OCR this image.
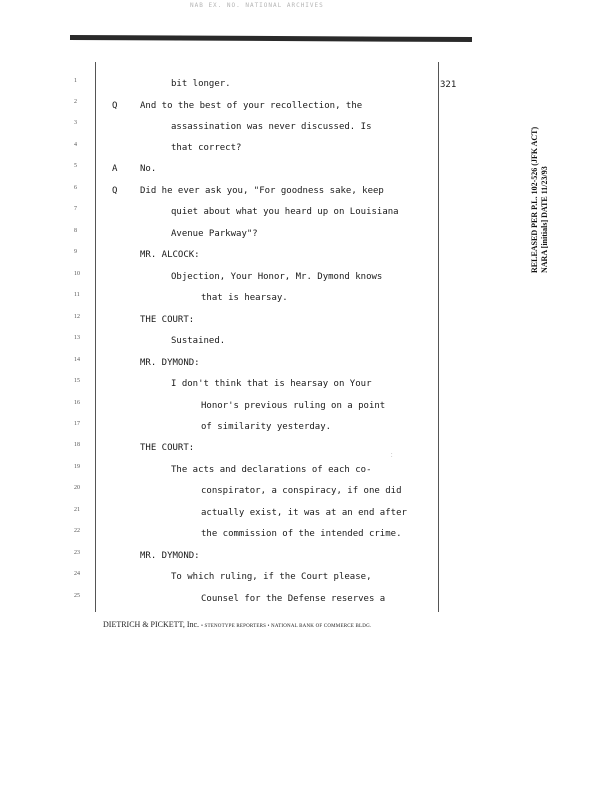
NAB EX. NO. NATIONAL ARCHIVES
321
RELEASED PER P.L. 102-526 (JFK ACT) NARA [initials] DATE 11/23/93
1
2
3
4
5
6
7
8
9
10
11
12
13
14
15
16
17
18
19
20
21
22
23
24
25
Q
A
Q
bit longer.
And to the best of your recollection, the
assassination was never discussed. Is
that correct?
No.
Did he ever ask you, "For goodness sake, keep
quiet about what you heard up on Louisiana
Avenue Parkway"?
MR. ALCOCK:
Objection, Your Honor, Mr. Dymond knows
that is hearsay.
THE COURT:
Sustained.
MR. DYMOND:
I don't think that is hearsay on Your
Honor's previous ruling on a point
of similarity yesterday.
THE COURT:
The acts and declarations of each co-
conspirator, a conspiracy, if one did
actually exist, it was at an end after
the commission of the intended crime.
MR. DYMOND:
To which ruling, if the Court please,
Counsel for the Defense reserves a
⁚
DIETRICH & PICKETT, Inc. • STENOTYPE REPORTERS • NATIONAL BANK OF COMMERCE BLDG.
